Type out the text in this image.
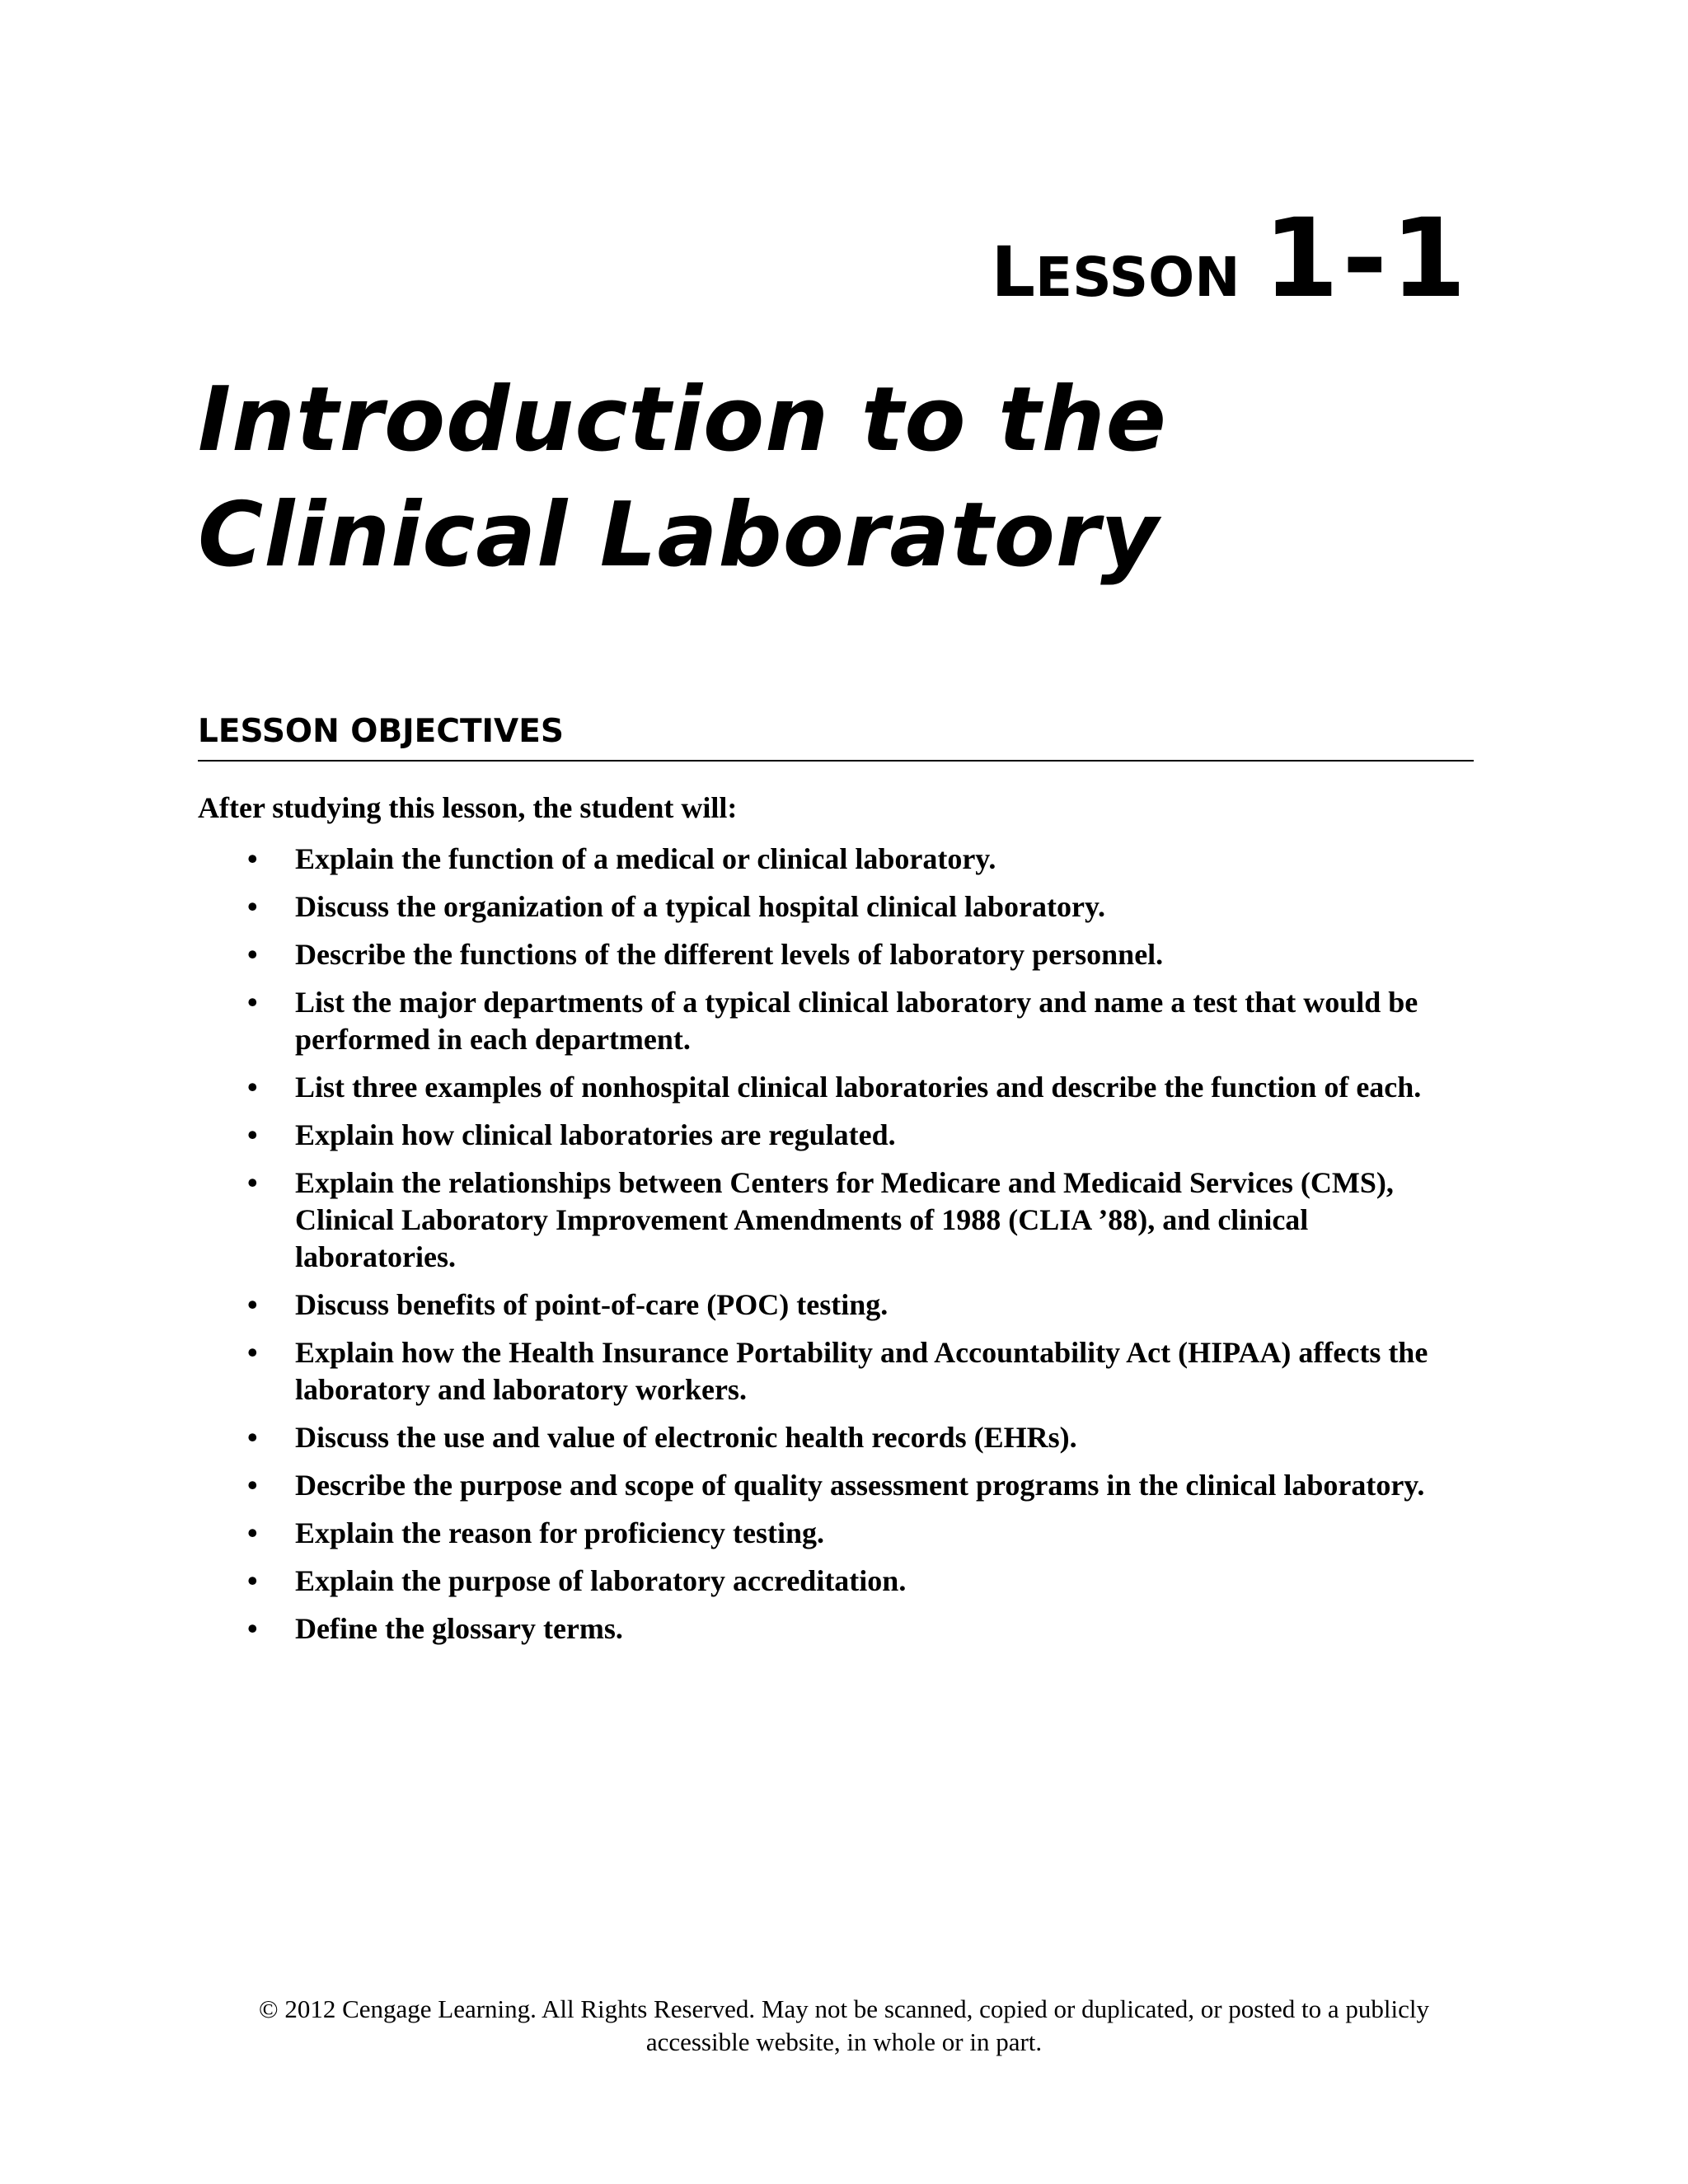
LESSON 1-1
Introduction to the
Clinical Laboratory
LESSON OBJECTIVES

After studying this lesson, the student will:

• Explain the function of a medical or clinical laboratory.
• Discuss the organization of a typical hospital clinical laboratory.
• Describe the functions of the different levels of laboratory personnel.
• List the major departments of a typical clinical laboratory and name a test that would be performed in each department.
• List three examples of nonhospital clinical laboratories and describe the function of each.
• Explain how clinical laboratories are regulated.
• Explain the relationships between Centers for Medicare and Medicaid Services (CMS), Clinical Laboratory Improvement Amendments of 1988 (CLIA ’88), and clinical laboratories.
• Discuss benefits of point-of-care (POC) testing.
• Explain how the Health Insurance Portability and Accountability Act (HIPAA) affects the laboratory and laboratory workers.
• Discuss the use and value of electronic health records (EHRs).
• Describe the purpose and scope of quality assessment programs in the clinical laboratory.
• Explain the reason for proficiency testing.
• Explain the purpose of laboratory accreditation.
• Define the glossary terms.
© 2012 Cengage Learning. All Rights Reserved. May not be scanned, copied or duplicated, or posted to a publicly
accessible website, in whole or in part.
